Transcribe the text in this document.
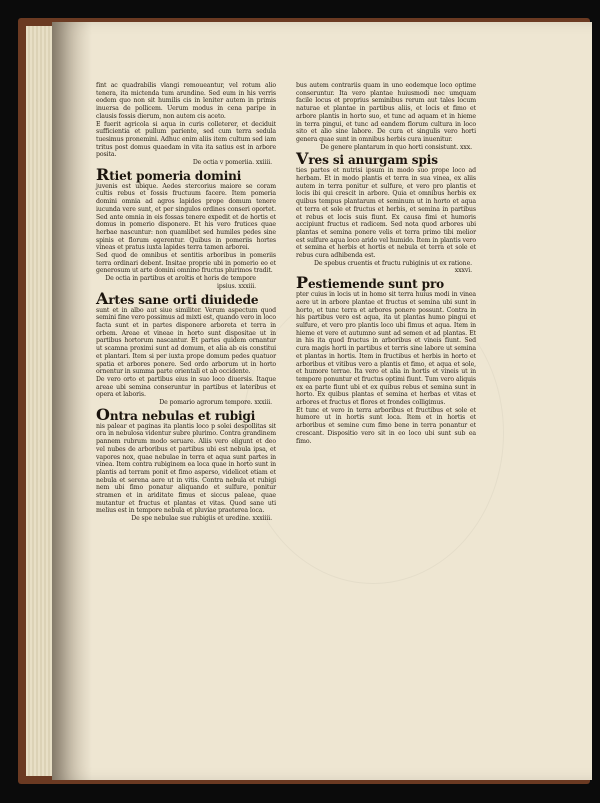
fint ac quadrabilis vlangi remoueantur, vel rotum alio tenera, ita mictenda tum arundine. Sed eum in his verris eodem quo non sit humilis cis in leniter autem in primis inuersa de pollicem. Uerum modus in cena paripe in clausis fossis dierum, non autem cis aceto.

E fuerit agricola si aqua in curis colleterer, et deciduit sufficientia et pullum pariente, sed cum terra sedula tuesimus pronemini. Adhuc enim aliis item cultum sed iam tritus post domus quaedam in vita ita satius est in arbore posita.

De octia v pomeriia. xxiiii.
Rtiet pomeria domini

juvenis est ubique. Aedes stercorius maiore se coram cultis rebus et fossis fructuum facere. Item pomeria domini omnia ad agros lapides prope domum tenere iucunda vere sunt, et per singulos ordines conseri oportet. Sed ante omnia in eis fossas tenere expedit et de hortis et domus in pomerio disponere. Et his vero frutices quae herbae nascuntur: non quamlibet sed humiles pedes sine spinis et florum egerentur. Quibus in pomeriis hortes vineas et pratus iuxta lapides terra tamen arborei.

Sed quod de omnibus et sentitis arboribus in pomeriis terra ordinari debent. Insitae proprie ubi in pomerio eo et generosum ut arte domini omnino fructus plurimos tradit.

De octia in partibus et aroltis et horis de tempore ipsius. xxxiii.
Artes sane orti diuidede

sunt et in albo aut siue similiter. Verum aspectum quod semini fine vero possimus ad mixti est, quando vero in loco facta sunt et in partes disponere arboreta et terra in orbem. Areae et vineae in horto sunt dispositae ut in partibus hortorum nascantur. Et partes quidem ornantur ut scamna proximi sunt ad domum, et alia ab eis constitui et plantari. Item si per iuxta prope domum pedes quatuor spatia et arbores ponere. Sed ordo arborum ut in horto ornentur in summa parte orientali et ab occidente.

De vero orto et partibus eius in suo loco diuersis. Itaque areae ubi semina conseruntur in partibus et lateribus et opera et laboris.

De pomario agrorum tempore. xxxiii.
Ontra nebulas et rubigi

nis palear et paginas ita plantis loco p solei despollitas sit ora in nebulosa videntur subre plurimo. Contra grandinem pannem rubrum modo seruare. Aliis vero eligunt et deo vel nubes de arboribus et partibus ubi est nebula ipsa, et vapores nox, quae nebulae in terra et aqua sunt partes in vinea. Item contra rubiginem ea loca quae in horto sunt in plantis ad terram ponit et fimo asperso, videlicet etiam et nebula et serena aere ut in vitis. Contra nebula et rubigi nem ubi fimo ponatur aliquando et sulfure, ponitur stramen et in ariditate fimus et siccus paleae, quae mutantur et fructus et plantas et vitas. Quod sane uti melius est in tempore nebula et pluviae praeterea loca.

De spe nebulae sue rubigiis et uredine. xxxiiii.

bus autem contrariis quam in uno eodemque loco optime conseruntur. Ita vero plantae huiusmodi nec umquam facile locus et proprius seminibus rerum aut tales locum naturae et plantae in partibus aliis, et locis et fimo et arbore plantis in horto suo, et tunc ad aquam et in hieme in terra pingui, et tunc ad eandem florum cultura in loco sito et alio sine labore. De cura et singulis vero horti genera quae sunt in omnibus herbis cura inuenitur.

De genere plantarum in quo horti consistunt. xxx.
Vres si anurgam spis

ties partes et nutrisi ipsum in modo suo prope loco ad herbam. Et in modo plantis et terra in sua vinea, ex aliis autem in terra ponitur et sulfure, et vero pro plantis et locis ibi qui crescit in arbore. Quia et omnibus herbis ex quibus tempus plantarum et seminum ut in horto et aqua et terra et sole et fructus et herbis, et semina in partibus et rebus et locis suis fiunt. Ex causa fimi et humoris accipiunt fructus et radicem. Sed nota quod arbores ubi plantas et semina ponere velis et terra primo tibi melior est sulfure aqua loco arido vel humido. Item in plantis vero et semina et herbis et hortis et nebula et terra et sole et rebus cura adhibenda est.

De spebus cruentis et fructu rubiginis ut ex ratione. xxxvi.
Pestiemende sunt pro

pter cuius in locis ut in homo sit terra huius modi in vinea aere ut in arbore plantae et fructus et semina ubi sunt in horto, et tunc terra et arbores ponere possunt. Contra in his partibus vero est aqua, ita ut plantas humo pingui et sulfure, et vero pro plantis loco ubi fimus et aqua. Item in hieme et vere et autumno sunt ad semen et ad plantas. Et in his ita quod fructus in arboribus et vineis fiunt. Sed cura magis horti in partibus et terris sine labore ut semina et plantas in hortis. Item in fructibus et herbis in horto et arboribus et vitibus vero a plantis et fimo, et aqua et sole, et humore terrae. Ita vero et alia in hortis et vineis ut in tempore ponuntur et fructus optimi fiunt. Tum vero aliquis ex ea parte fiunt ubi et ex quibus rebus et semina sunt in horto. Ex quibus plantas et semina et herbas et vitas et arbores et fructus et flores et frondes colligimus.

Et tunc et vero in terra arboribus et fructibus et sole et humore ut in hortis sunt loca. Item et in hortis et arboribus et semine cum fimo bene in terra ponantur et crescant. Dispositio vero sit in eo loco ubi sunt sub ea fimo.
